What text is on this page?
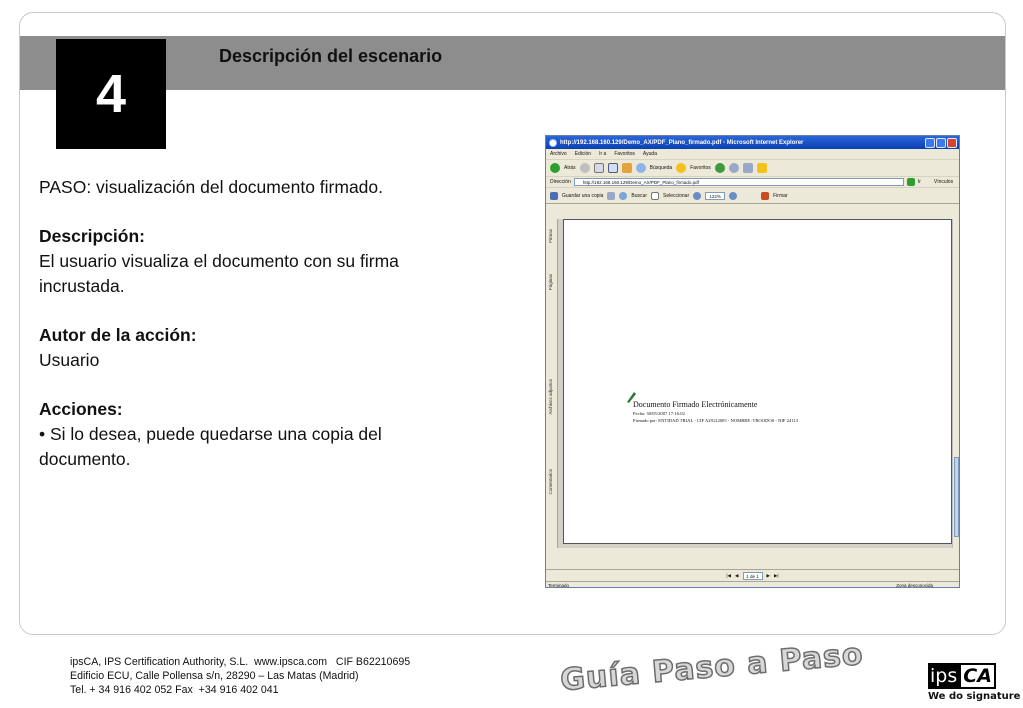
Descripción del escenario
4

PASO: visualización del documento firmado.

Descripción:

El usuario visualiza el documento con su firma incrustada.

Autor de la acción:

Usuario

Acciones:

• Si lo desea, puede quedarse una copia del documento.

http://192.168.160.129/Demo_AX/PDF_Plano_firmado.pdf - Microsoft Internet Explorer
Archivo Edición Ir a Favoritos Ayuda
Atrás	Búsqueda	Favoritos
Dirección	http://192.168.160.129/Demo_AX/PDF_Plano_firmado.pdf	Ir	Vínculos
Guardar una copia	Buscar	Seleccionar	122%	Firmar
Firmas
Páginas
Archivos adjuntos
Comentarios
Documento Firmado Electrónicamente
Fecha: 30/05/2007 17:16:02
Firmado por: ENTIDAD TRIAL - CIF A29122005 - NOMBRE :TROODOS - NIF 24113
|◀ ◀	1 de 1	▶ ▶|
Terminado	Zona desconocida
ipsCA, IPS Certification Authority, S.L.  www.ipsca.com   CIF B62210695
Edificio ECU, Calle Pollensa s/n, 28290 – Las Matas (Madrid)
Tel. + 34 916 402 052 Fax  +34 916 402 041	Guía Paso a Paso	ips CA
We do signature
